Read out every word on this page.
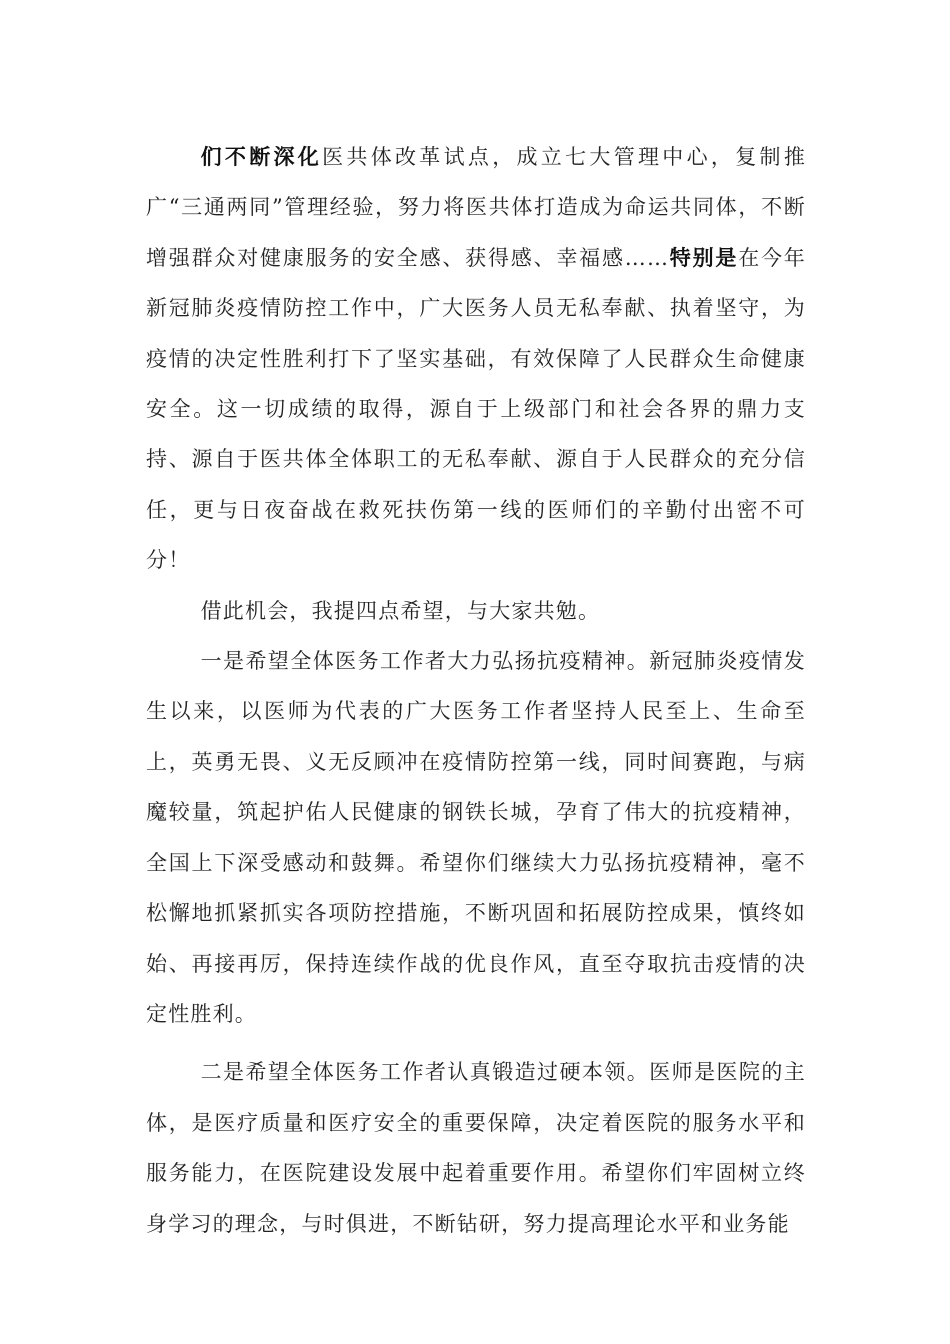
们不断深化医共体改革试点，成立七大管理中心，复制推广“三通两同”管理经验，努力将医共体打造成为命运共同体，不断增强群众对健康服务的安全感、获得感、幸福感……特别是在今年新冠肺炎疫情防控工作中，广大医务人员无私奉献、执着坚守，为疫情的决定性胜利打下了坚实基础，有效保障了人民群众生命健康安全。这一切成绩的取得，源自于上级部门和社会各界的鼎力支持、源自于医共体全体职工的无私奉献、源自于人民群众的充分信任，更与日夜奋战在救死扶伤第一线的医师们的辛勤付出密不可分！

借此机会，我提四点希望，与大家共勉。

一是希望全体医务工作者大力弘扬抗疫精神。新冠肺炎疫情发生以来，以医师为代表的广大医务工作者坚持人民至上、生命至上，英勇无畏、义无反顾冲在疫情防控第一线，同时间赛跑，与病魔较量，筑起护佑人民健康的钢铁长城，孕育了伟大的抗疫精神，全国上下深受感动和鼓舞。希望你们继续大力弘扬抗疫精神，毫不松懈地抓紧抓实各项防控措施，不断巩固和拓展防控成果，慎终如始、再接再厉，保持连续作战的优良作风，直至夺取抗击疫情的决定性胜利。

二是希望全体医务工作者认真锻造过硬本领。医师是医院的主体，是医疗质量和医疗安全的重要保障，决定着医院的服务水平和服务能力，在医院建设发展中起着重要作用。希望你们牢固树立终身学习的理念，与时俱进，不断钻研，努力提高理论水平和业务能
